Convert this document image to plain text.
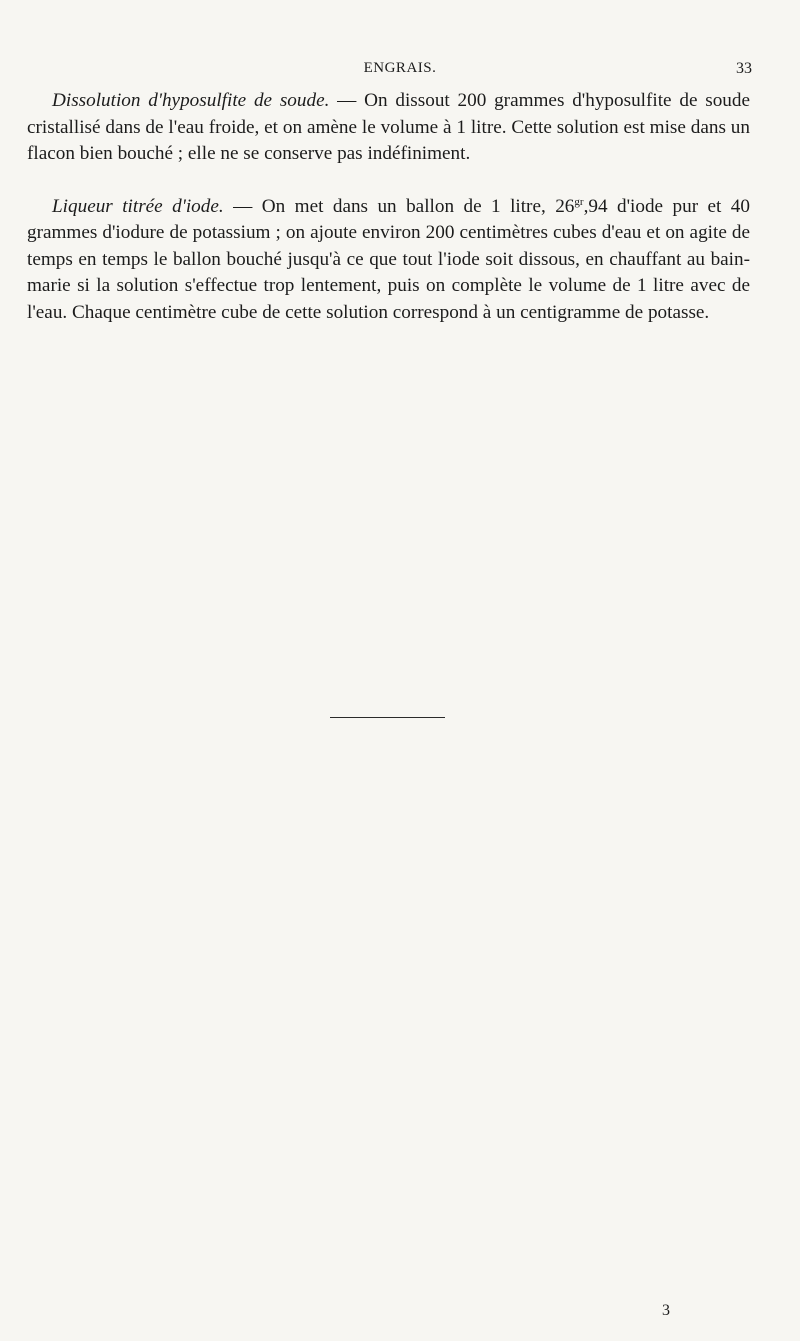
ENGRAIS.	33

Dissolution d'hyposulfite de soude. — On dissout 200 grammes d'hyposulfite de soude cristallisé dans de l'eau froide, et on amène le volume à 1 litre. Cette solution est mise dans un flacon bien bouché ; elle ne se conserve pas indéfiniment.

Liqueur titrée d'iode. — On met dans un ballon de 1 litre, $26^{gr},94$ d'iode pur et 40 grammes d'iodure de potassium ; on ajoute environ 200 centimètres cubes d'eau et on agite de temps en temps le ballon bouché jusqu'à ce que tout l'iode soit dissous, en chauffant au bain-marie si la solution s'effectue trop lentement, puis on complète le volume de 1 litre avec de l'eau. Chaque centimètre cube de cette solution correspond à un centigramme de potasse.

3
